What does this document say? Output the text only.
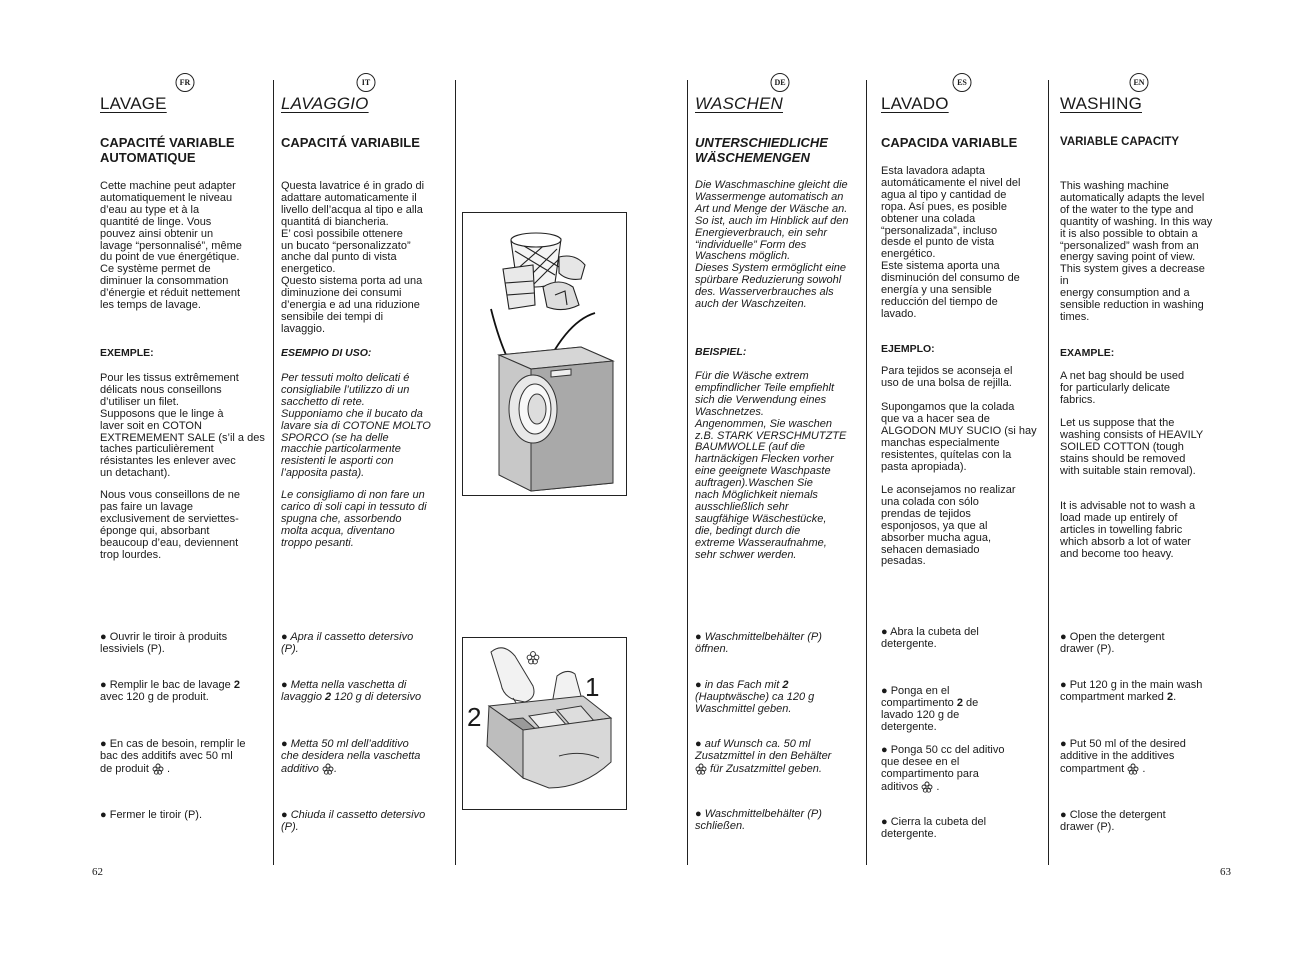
FR
LAVAGE
CAPACITÉ VARIABLE
AUTOMATIQUE
Cette machine peut adapter
automatiquement le niveau
d’eau au type et à la
quantité de linge. Vous
pouvez ainsi obtenir un
lavage “personnalisé”, même
du point de vue énergétique.
Ce système permet de
diminuer la consommation
d’énergie et réduit nettement
les temps de lavage.
EXEMPLE:
Pour les tissus extrêmement
délicats nous conseillons
d’utiliser un filet.
Supposons que le linge à
laver soit en COTON
EXTREMEMENT SALE (s’il a des
taches particulièrement
résistantes les enlever avec
un detachant).
Nous vous conseillons de ne
pas faire un lavage
exclusivement de serviettes-
éponge qui, absorbant
beaucoup d’eau, deviennent
trop lourdes.
● Ouvrir le tiroir à produits
lessiviels (P).
● Remplir le bac de lavage 2
avec 120 g de produit.
● En cas de besoin, remplir le
bac des additifs avec 50 ml
de produit  .
● Fermer le tiroir (P).
IT
LAVAGGIO
CAPACITÁ VARIABILE
Questa lavatrice é in grado di
adattare automaticamente il
livello dell’acqua al tipo e alla
quantitá di biancheria.
E’ così possibile ottenere
un bucato “personalizzato”
anche dal punto di vista
energetico.
Questo sistema porta ad una
diminuzione dei consumi
d’energia e ad una riduzione
sensibile dei tempi di
lavaggio.
ESEMPIO DI USO:
Per tessuti molto delicati é
consigliabile l’utilizzo di un
sacchetto di rete.
Supponiamo che il bucato da
lavare sia di COTONE MOLTO
SPORCO (se ha delle
macchie particolarmente
resistenti le asporti con
l’apposita pasta).
Le consigliamo di non fare un
carico di soli capi in tessuto di
spugna che, assorbendo
molta acqua, diventano
troppo pesanti.
● Apra il cassetto detersivo
(P).
● Metta nella vaschetta di
lavaggio 2 120 g di detersivo
● Metta 50 ml dell’additivo
che desidera nella vaschetta
additivo .
● Chiuda il cassetto detersivo
(P).
1
2
DE
WASCHEN
UNTERSCHIEDLICHE
WÄSCHEMENGEN
Die Waschmaschine gleicht die
Wassermenge automatisch an
Art und Menge der Wäsche an.
So ist, auch im Hinblick auf den
Energieverbrauch, ein sehr
“individuelle” Form des
Waschens möglich.
Dieses System ermöglicht eine
spürbare Reduzierung sowohl
des. Wasserverbrauches als
auch der Waschzeiten.
BEISPIEL:
Für die Wäsche extrem
empfindlicher Teile empfiehlt
sich die Verwendung eines
Waschnetzes.
Angenommen, Sie waschen
z.B. STARK VERSCHMUTZTE
BAUMWOLLE (auf die
hartnäckigen Flecken vorher
eine geeignete Waschpaste
auftragen).Waschen Sie
nach Möglichkeit niemals
ausschließlich sehr
saugfähige Wäschestücke,
die, bedingt durch die
extreme Wasseraufnahme,
sehr schwer werden.
● Waschmittelbehälter (P)
öffnen.
● in das Fach mit 2
(Hauptwäsche) ca 120 g
Waschmittel geben.
● auf Wunsch ca. 50 ml
Zusatzmittel in den Behälter
für Zusatzmittel geben.
● Waschmittelbehälter (P)
schließen.
ES
LAVADO
CAPACIDA VARIABLE
Esta lavadora adapta
automáticamente el nivel del
agua al tipo y cantidad de
ropa. Así pues, es posible
obtener una colada
“personalizada”, incluso
desde el punto de vista
energético.
Este sistema aporta una
disminución del consumo de
energía y una sensible
reducción del tiempo de
lavado.
EJEMPLO:
Para tejidos se aconseja el
uso de una bolsa de rejilla.
Supongamos que la colada
que va a hacer sea de
ALGODON MUY SUCIO (si hay
manchas especialmente
resistentes, quítelas con la
pasta apropiada).
Le aconsejamos no realizar
una colada con sólo
prendas de tejidos
esponjosos, ya que al
absorber mucha agua,
sehacen demasiado
pesadas.
● Abra la cubeta del
detergente.
● Ponga en el
compartimento 2 de
lavado 120 g de
detergente.
● Ponga 50 cc del aditivo
que desee en el
compartimento para
aditivos  .
● Cierra la cubeta del
detergente.
EN
WASHING
VARIABLE CAPACITY
This washing machine
automatically adapts the level
of the water to the type and
quantity of washing. In this way
it is also possible to obtain a
“personalized” wash from an
energy saving point of view.
This system gives a decrease in
energy consumption and a
sensible reduction in washing
times.
EXAMPLE:
A net bag should be used
for particularly delicate
fabrics.
Let us suppose that the
washing consists of HEAVILY
SOILED COTTON (tough
stains should be removed
with suitable stain removal).
It is advisable not to wash a
load made up entirely of
articles in towelling fabric
which absorb a lot of water
and become too heavy.
● Open the detergent
drawer (P).
● Put 120 g in the main wash
compartment marked 2.
● Put 50 ml of the desired
additive in the additives
compartment  .
● Close the detergent
drawer (P).
62	63
